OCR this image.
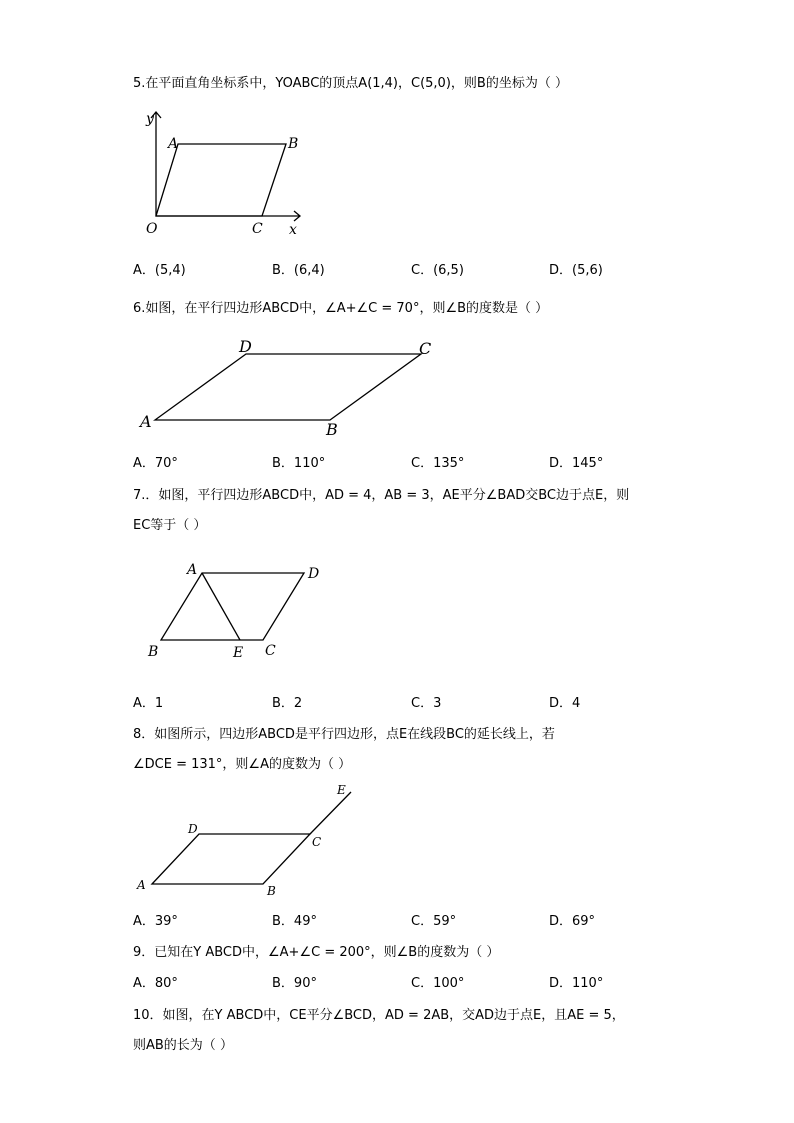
5.在平面直角坐标系中，YOABC的顶点A(1,4)，C(5,0)，则B的坐标为（ ）
y
x
O
A	B
C
A．(5,4)	B．(6,4)	C．(6,5)	D．(5,6)
6.如图，在平行四边形ABCD中，∠A+∠C = 70°，则∠B的度数是（ ）
A	B
C
D
A．70°	B．110°	C．135°	D．145°
7.．如图，平行四边形ABCD中，AD = 4，AB = 3，AE平分∠BAD交BC边于点E，则
EC等于（ ）
A
B	E C
D
A．1	B．2	C．3	D．4
8．如图所示，四边形ABCD是平行四边形，点E在线段BC的延长线上，若
∠DCE = 131°，则∠A的度数为（ ）
A	B
C
D
E
A．39°	B．49°	C．59°	D．69°
9．已知在Y ABCD中，∠A+∠C = 200°，则∠B的度数为（ ）
A．80°	B．90°	C．100°	D．110°
10．如图，在Y ABCD中，CE平分∠BCD，AD = 2AB，交AD边于点E，且AE = 5，
则AB的长为（ ）
